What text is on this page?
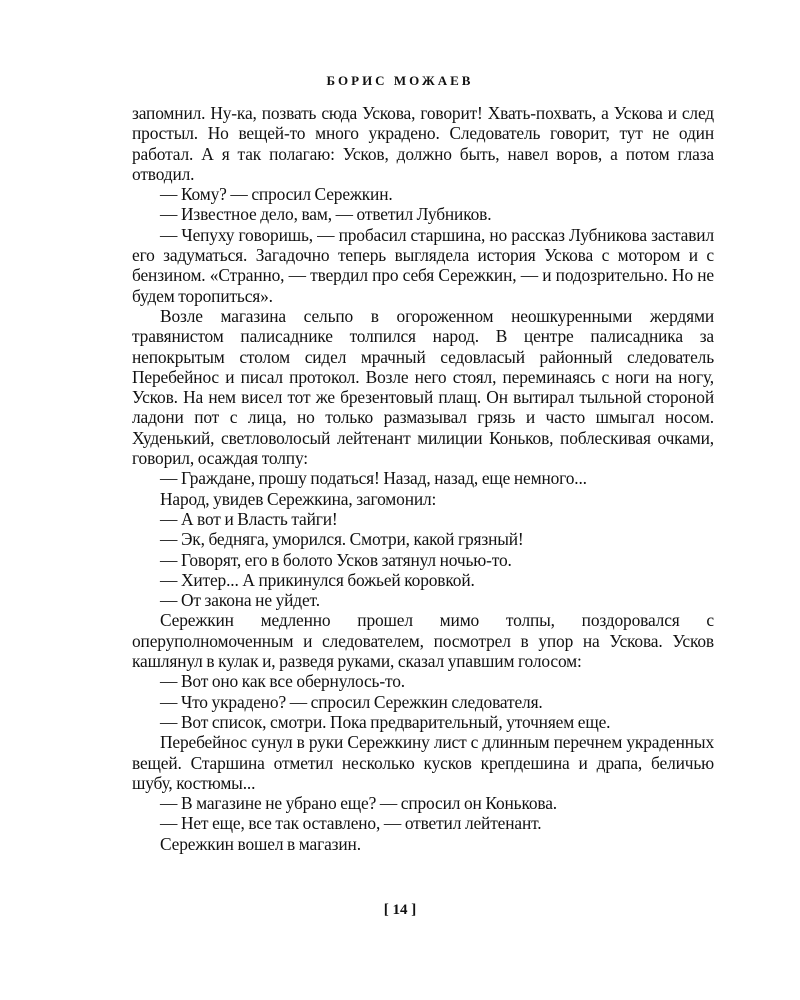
БОРИС МОЖАЕВ

запомнил. Ну-ка, позвать сюда Ускова, говорит! Хвать-похвать, а Ускова и след простыл. Но вещей-то много украдено. Следователь говорит, тут не один работал. А я так полагаю: Усков, должно быть, навел воров, а потом глаза отводил.

— Кому? — спросил Сережкин.

— Известное дело, вам, — ответил Лубников.

— Чепуху говоришь, — пробасил старшина, но рассказ Лубникова заставил его задуматься. Загадочно теперь выглядела история Ускова с мотором и с бензином. «Странно, — твердил про себя Сережкин, — и подозрительно. Но не будем торопиться».

Возле магазина сельпо в огороженном неошкуренными жердями травянистом палисаднике толпился народ. В центре палисадника за непокрытым столом сидел мрачный седовласый районный следователь Перебейнос и писал протокол. Возле него стоял, переминаясь с ноги на ногу, Усков. На нем висел тот же брезентовый плащ. Он вытирал тыльной стороной ладони пот с лица, но только размазывал грязь и часто шмыгал носом. Худенький, светловолосый лейтенант милиции Коньков, поблескивая очками, говорил, осаждая толпу:

— Граждане, прошу податься! Назад, назад, еще немного...

Народ, увидев Сережкина, загомонил:

— А вот и Власть тайги!

— Эк, бедняга, уморился. Смотри, какой грязный!

— Говорят, его в болото Усков затянул ночью-то.

— Хитер... А прикинулся божьей коровкой.

— От закона не уйдет.

Сережкин медленно прошел мимо толпы, поздоровался с оперуполномоченным и следователем, посмотрел в упор на Ускова. Усков кашлянул в кулак и, разведя руками, сказал упавшим голосом:

— Вот оно как все обернулось-то.

— Что украдено? — спросил Сережкин следователя.

— Вот список, смотри. Пока предварительный, уточняем еще.

Перебейнос сунул в руки Сережкину лист с длинным перечнем украденных вещей. Старшина отметил несколько кусков крепдешина и драпа, беличью шубу, костюмы...

— В магазине не убрано еще? — спросил он Конькова.

— Нет еще, все так оставлено, — ответил лейтенант.

Сережкин вошел в магазин.

[ 14 ]
